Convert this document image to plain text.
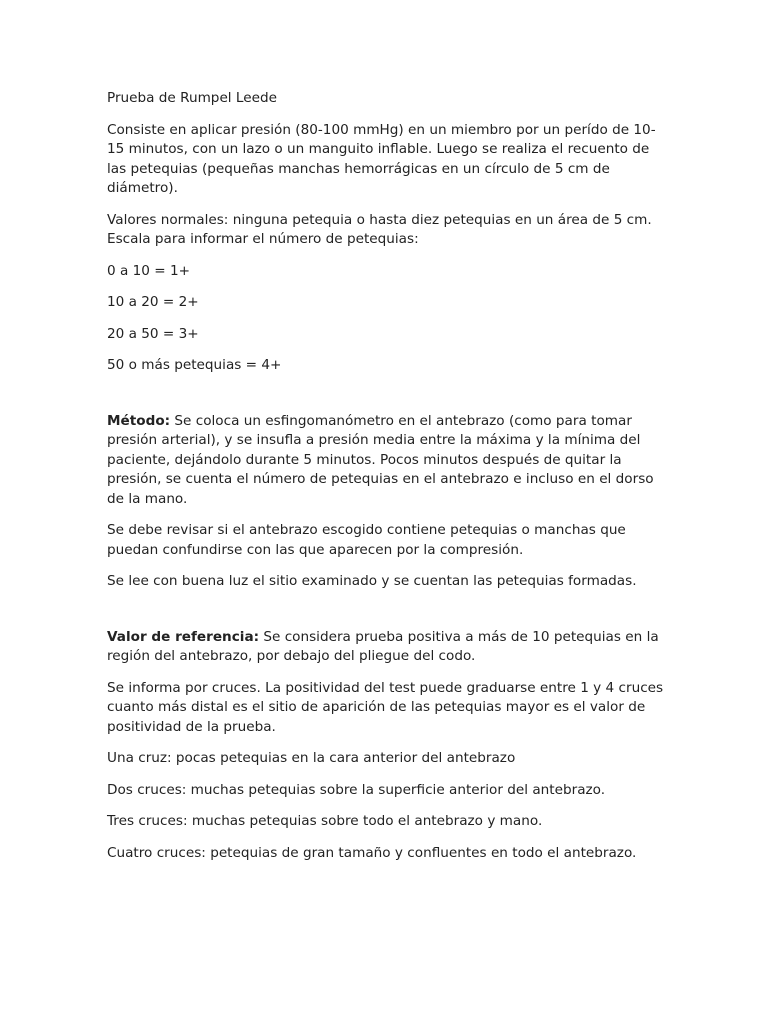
Prueba de Rumpel Leede

Consiste en aplicar presión (80-100 mmHg) en un miembro por un perído de 10-15 minutos, con un lazo o un manguito inflable. Luego se realiza el recuento de las petequias (pequeñas manchas hemorrágicas en un círculo de 5 cm de diámetro).

Valores normales: ninguna petequia o hasta diez petequias en un área de 5 cm. Escala para informar el número de petequias:

0 a 10 = 1+

10 a 20 = 2+

20 a 50 = 3+

50 o más petequias = 4+

Método: Se coloca un esfingomanómetro en el antebrazo (como para tomar presión arterial), y se insufla a presión media entre la máxima y la mínima del paciente, dejándolo durante 5 minutos. Pocos minutos después de quitar la presión, se cuenta el número de petequias en el antebrazo e incluso en el dorso de la mano.

Se debe revisar si el antebrazo escogido contiene petequias o manchas que puedan confundirse con las que aparecen por la compresión.

Se lee con buena luz el sitio examinado y se cuentan las petequias formadas.

Valor de referencia: Se considera prueba positiva a más de 10 petequias en la región del antebrazo, por debajo del pliegue del codo.

Se informa por cruces. La positividad del test puede graduarse entre 1 y 4 cruces cuanto más distal es el sitio de aparición de las petequias mayor es el valor de positividad de la prueba.

Una cruz: pocas petequias en la cara anterior del antebrazo

Dos cruces: muchas petequias sobre la superficie anterior del antebrazo.

Tres cruces: muchas petequias sobre todo el antebrazo y mano.

Cuatro cruces: petequias de gran tamaño y confluentes en todo el antebrazo.
